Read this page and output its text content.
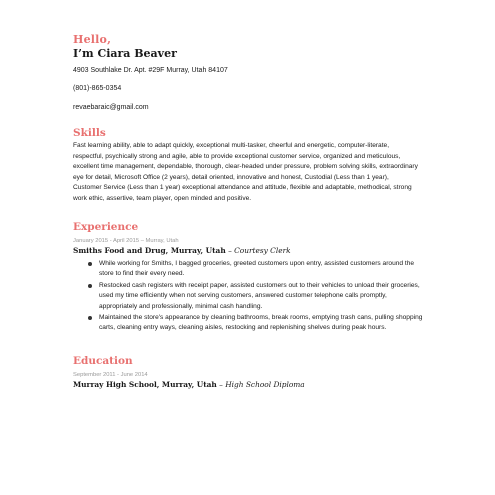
Hello,
I’m Ciara Beaver
4903 Southlake Dr. Apt. #29F Murray, Utah 84107
(801)-865-0354
revaebaraic@gmail.com
Skills
Fast learning ability, able to adapt quickly, exceptional multi-tasker, cheerful and energetic, computer-literate, respectful, psychically strong and agile, able to provide exceptional customer service, organized and meticulous, excellent time management, dependable, thorough, clear-headed under pressure, problem solving skills, extraordinary eye for detail, Microsoft Office (2 years), detail oriented, innovative and honest, Custodial (Less than 1 year), Customer Service (Less than 1 year) exceptional attendance and attitude, flexible and adaptable, methodical, strong work ethic, assertive, team player, open minded and positive.
Experience
January 2015 - April 2015 – Murray, Utah
Smiths Food and Drug, Murray, Utah – Courtesy Clerk
While working for Smiths, I bagged groceries, greeted customers upon entry, assisted customers around the store to find their every need.
Restocked cash registers with receipt paper, assisted customers out to their vehicles to unload their groceries, used my time efficiently when not serving customers, answered customer telephone calls promptly, appropriately and professionally, minimal cash handling.
Maintained the store's appearance by cleaning bathrooms, break rooms, emptying trash cans, pulling shopping carts, cleaning entry ways, cleaning aisles, restocking and replenishing shelves during peak hours.
Education
September 2011 - June 2014
Murray High School, Murray, Utah – High School Diploma
